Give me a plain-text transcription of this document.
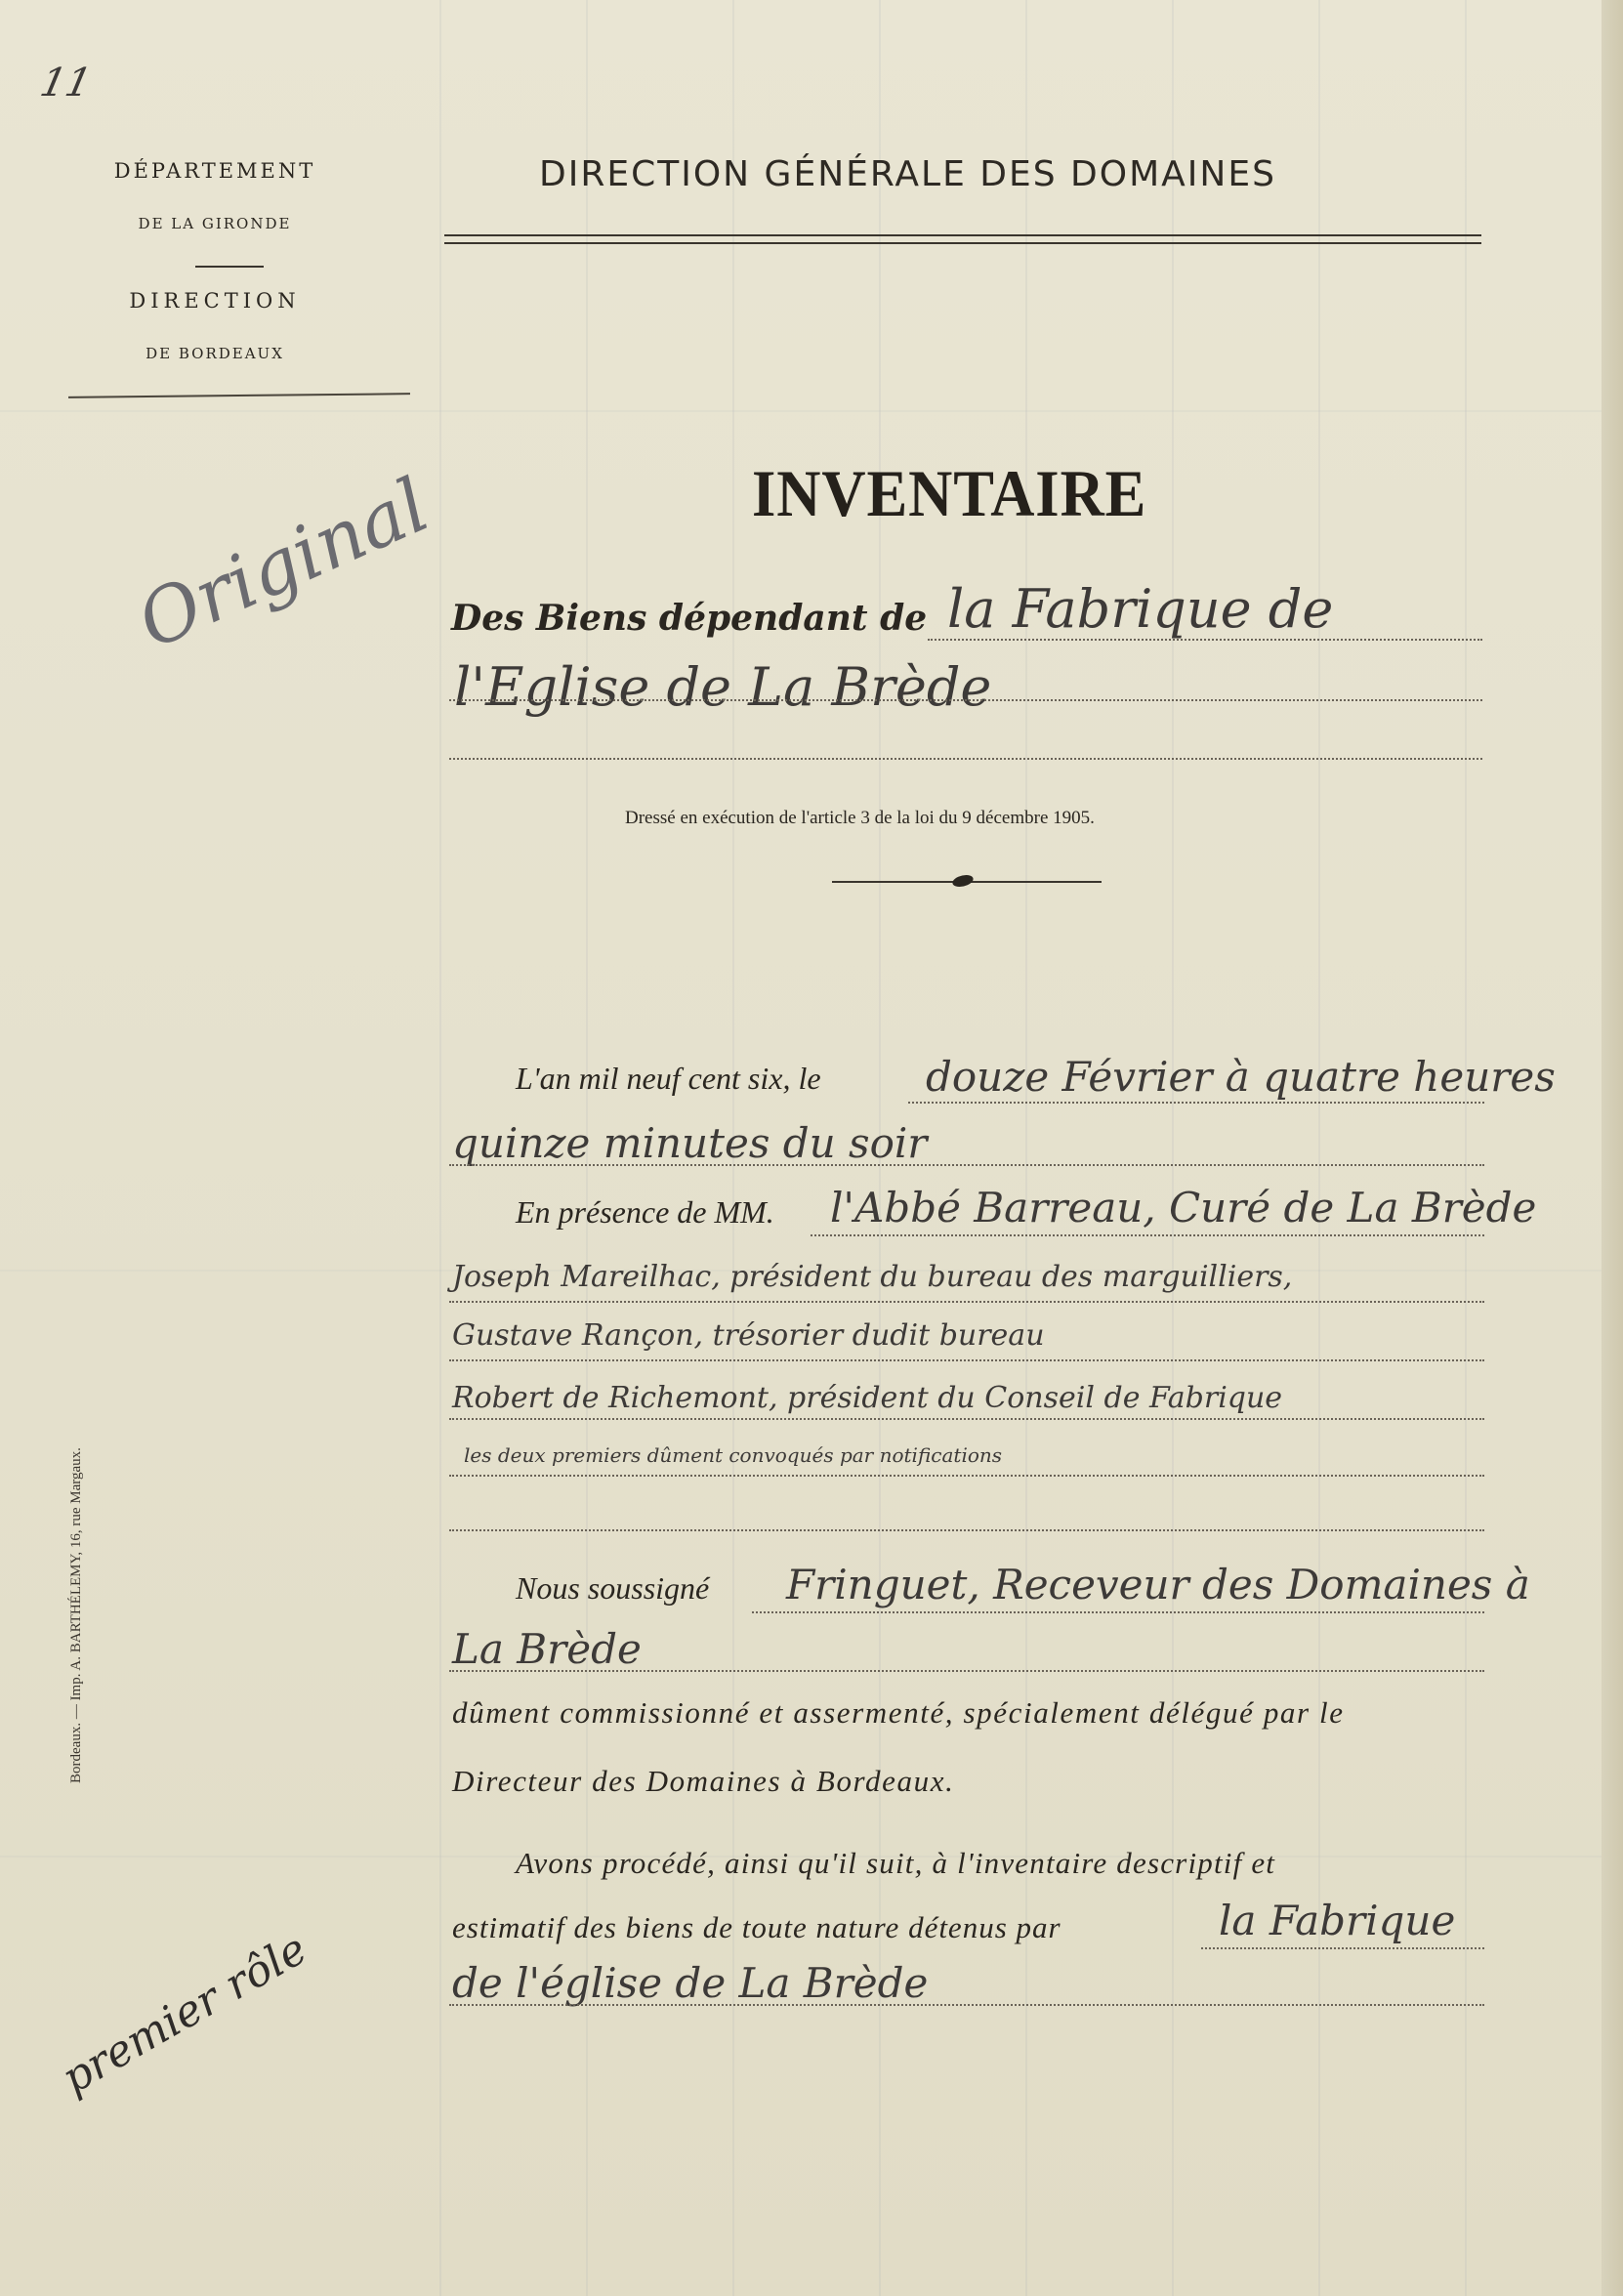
11
DÉPARTEMENT
DE LA GIRONDE
DIRECTION
DE BORDEAUX
DIRECTION GÉNÉRALE DES DOMAINES
INVENTAIRE
Original Des Biens dépendant de la Fabrique de
l'Eglise de La Brède
Dressé en exécution de l'article 3 de la loi du 9 décembre 1905.
L'an mil neuf cent six, le	douze Février à quatre heures
quinze minutes du soir
En présence de MM. l'Abbé Barreau, Curé de La Brède
Joseph Mareilhac, président du bureau des marguilliers,
Gustave Rançon, trésorier dudit bureau
Robert de Richemont, président du Conseil de Fabrique
les deux premiers dûment convoqués par notifications
Nous soussigné Fringuet, Receveur des Domaines à
La Brède
dûment commissionné et assermenté, spécialement délégué par le
Directeur des Domaines à Bordeaux.
Avons procédé, ainsi qu'il suit, à l'inventaire descriptif et
estimatif des biens de toute nature détenus par	la Fabrique
de l'église de La Brède
Bordeaux. — Imp. A. BARTHÉLEMY, 16, rue Margaux.
premier rôle
